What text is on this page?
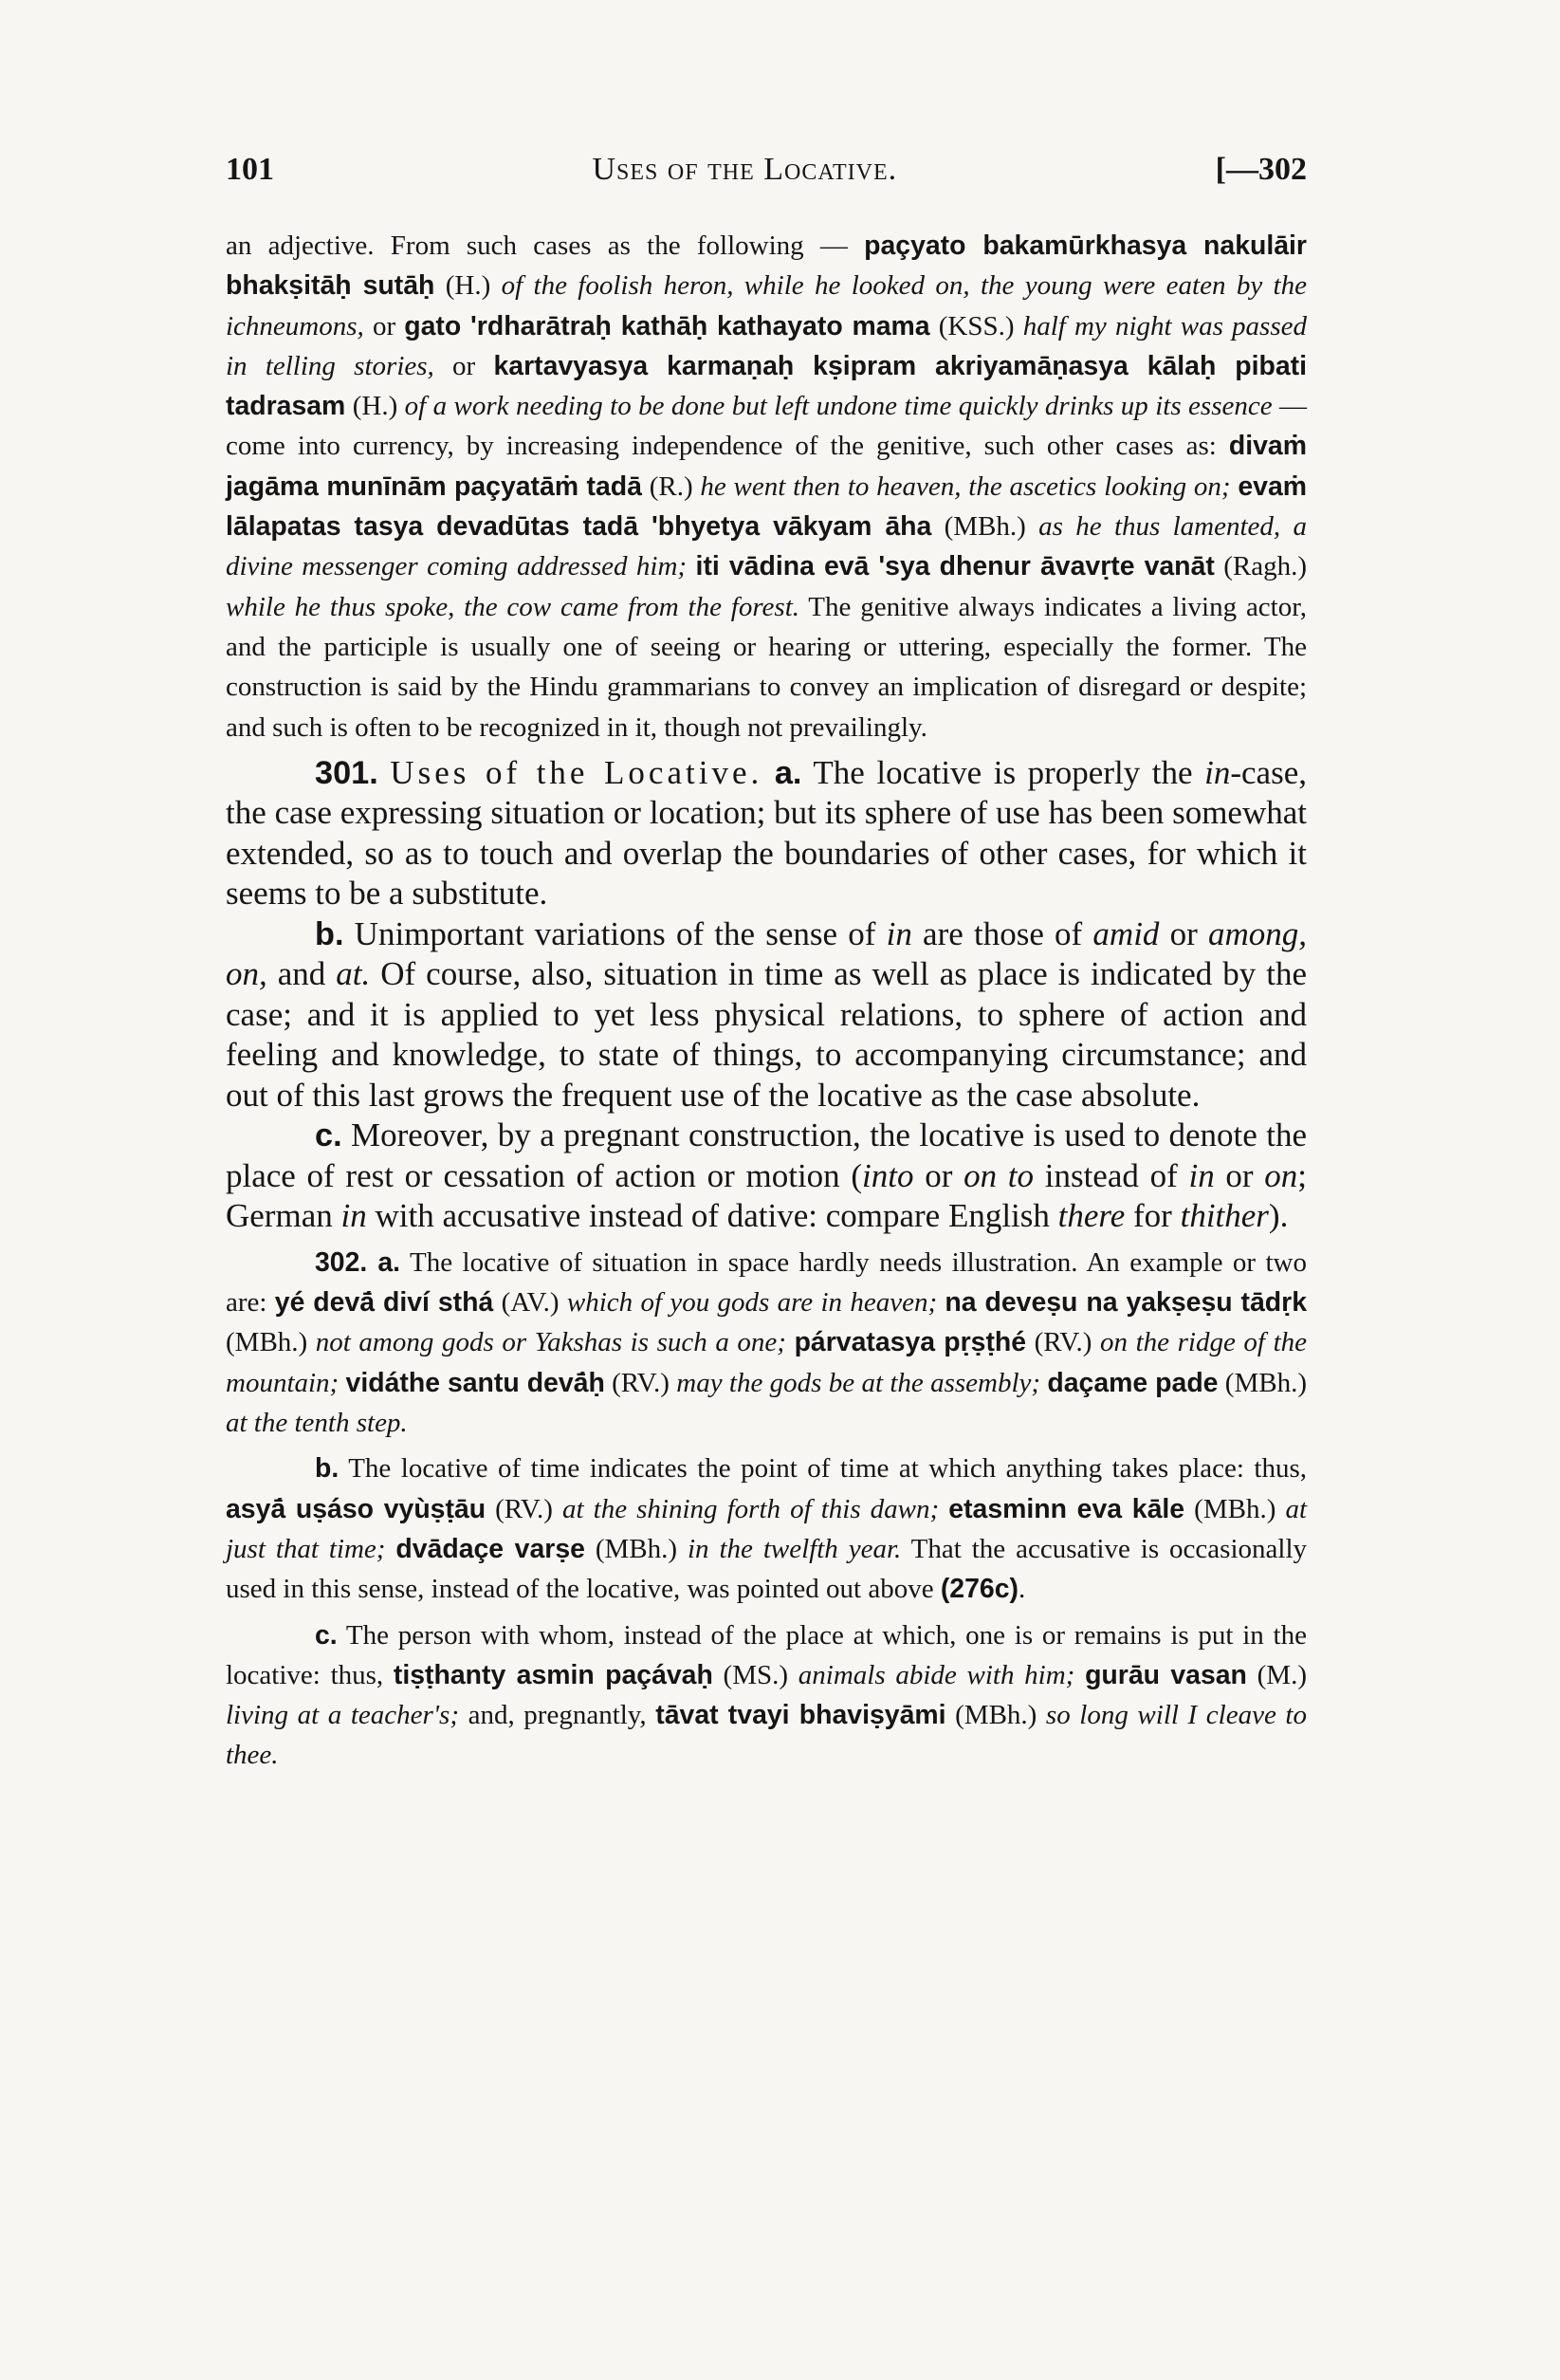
101	Uses of the Locative.	[—302

an adjective. From such cases as the following — paçyato bakamūrkhasya nakulāir bhakṣitāḥ sutāḥ (H.) of the foolish heron, while he looked on, the young were eaten by the ichneumons, or gato 'rdharātraḥ kathāḥ kathayato mama (KSS.) half my night was passed in telling stories, or kartavyasya karmaṇaḥ kṣipram akriyamāṇasya kālaḥ pibati tadrasam (H.) of a work needing to be done but left undone time quickly drinks up its essence — come into currency, by increasing independence of the genitive, such other cases as: divaṁ jagāma munīnām paçyatāṁ tadā (R.) he went then to heaven, the ascetics looking on; evaṁ lālapatas tasya devadūtas tadā 'bhyetya vākyam āha (MBh.) as he thus lamented, a divine messenger coming addressed him; iti vādina evā 'sya dhenur āvavṛte vanāt (Ragh.) while he thus spoke, the cow came from the forest. The genitive always indicates a living actor, and the participle is usually one of seeing or hearing or uttering, especially the former. The construction is said by the Hindu grammarians to convey an implication of disregard or despite; and such is often to be recognized in it, though not prevailingly.

301. Uses of the Locative. a. The locative is properly the in-case, the case expressing situation or location; but its sphere of use has been somewhat extended, so as to touch and overlap the boundaries of other cases, for which it seems to be a substitute.

b. Unimportant variations of the sense of in are those of amid or among, on, and at. Of course, also, situation in time as well as place is indicated by the case; and it is applied to yet less physical relations, to sphere of action and feeling and knowledge, to state of things, to accompanying circumstance; and out of this last grows the frequent use of the locative as the case absolute.

c. Moreover, by a pregnant construction, the locative is used to denote the place of rest or cessation of action or motion (into or on to instead of in or on; German in with accusative instead of dative: compare English there for thither).

302. a. The locative of situation in space hardly needs illustration. An example or two are: yé devā́ diví sthá (AV.) which of you gods are in heaven; na deveṣu na yakṣeṣu tādṛk (MBh.) not among gods or Yakshas is such a one; párvatasya pṛṣṭhé (RV.) on the ridge of the mountain; vidáthe santu devā́ḥ (RV.) may the gods be at the assembly; daçame pade (MBh.) at the tenth step.

b. The locative of time indicates the point of time at which anything takes place: thus, asyā́ uṣáso vyùṣṭāu (RV.) at the shining forth of this dawn; etasminn eva kāle (MBh.) at just that time; dvādaçe varṣe (MBh.) in the twelfth year. That the accusative is occasionally used in this sense, instead of the locative, was pointed out above (276c).

c. The person with whom, instead of the place at which, one is or remains is put in the locative: thus, tiṣṭhanty asmin paçávaḥ (MS.) animals abide with him; gurāu vasan (M.) living at a teacher's; and, pregnantly, tāvat tvayi bhaviṣyāmi (MBh.) so long will I cleave to thee.
